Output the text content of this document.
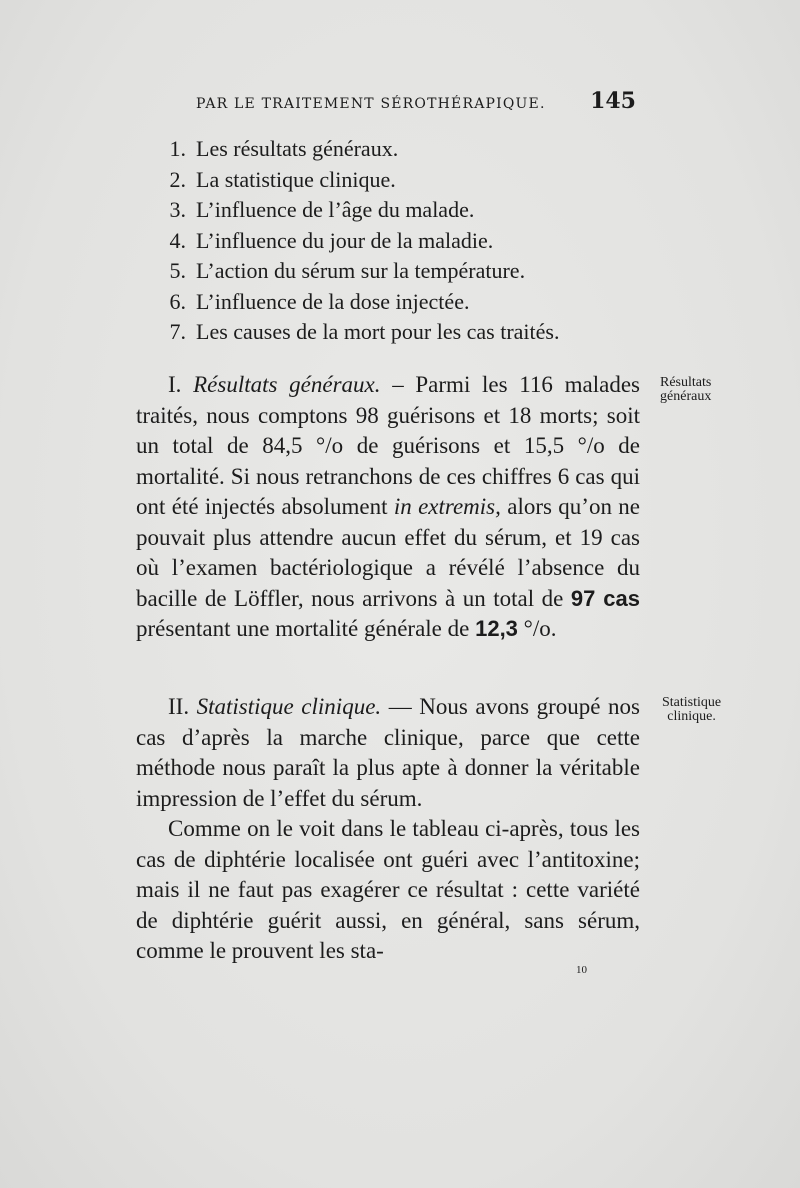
PAR LE TRAITEMENT SÉROTHÉRAPIQUE. 145
1. Les résultats généraux.
2. La statistique clinique.
3. L’influence de l’âge du malade.
4. L’influence du jour de la maladie.
5. L’action du sérum sur la température.
6. L’influence de la dose injectée.
7. Les causes de la mort pour les cas traités.

I. Résultats généraux. – Parmi les 116 malades traités, nous comptons 98 guérisons et 18 morts; soit un total de 84,5 °/o de guérisons et 15,5 °/o de mortalité. Si nous retranchons de ces chiffres 6 cas qui ont été injectés absolument in extremis, alors qu’on ne pouvait plus attendre aucun effet du sérum, et 19 cas où l’examen bactériologique a révélé l’absence du bacille de Löffler, nous arrivons à un total de 97 cas présentant une mortalité générale de 12,3 °/o.

Résultats
généraux

II. Statistique clinique. — Nous avons groupé nos cas d’après la marche clinique, parce que cette méthode nous paraît la plus apte à donner la véritable impression de l’effet du sérum.

Statistique
clinique.

Comme on le voit dans le tableau ci-après, tous les cas de diphtérie localisée ont guéri avec l’antitoxine; mais il ne faut pas exagérer ce résultat : cette variété de diphtérie guérit aussi, en général, sans sérum, comme le prouvent les sta-

10
